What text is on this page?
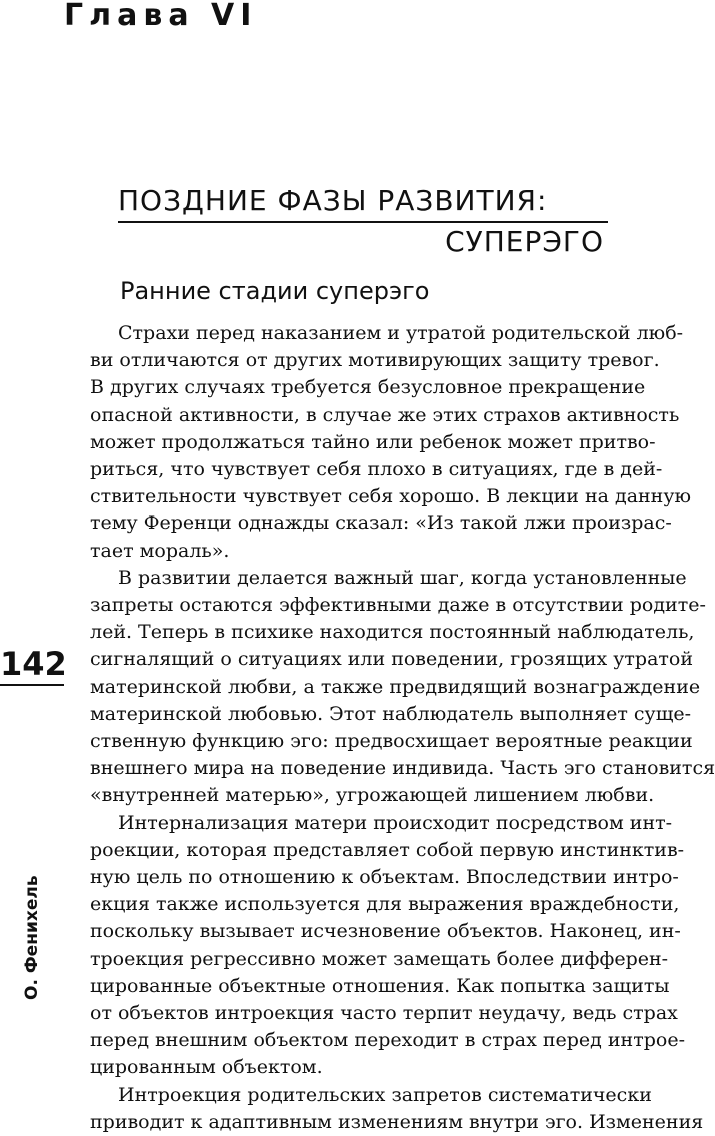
Глава VI
ПОЗДНИЕ ФАЗЫ РАЗВИТИЯ:
СУПЕРЭГО
Ранние стадии суперэго
Страхи перед наказанием и утратой родительской люб-
ви отличаются от других мотивирующих защиту тревог.
В других случаях требуется безусловное прекращение
опасной активности, в случае же этих страхов активность
может продолжаться тайно или ребенок может притво-
риться, что чувствует себя плохо в ситуациях, где в дей-
ствительности чувствует себя хорошо. В лекции на данную
тему Ференци однажды сказал: «Из такой лжи произрас-
тает мораль».
В развитии делается важный шаг, когда установленные
запреты остаются эффективными даже в отсутствии родите-
лей. Теперь в психике находится постоянный наблюдатель,
сигналящий о ситуациях или поведении, грозящих утратой
материнской любви, а также предвидящий вознаграждение
материнской любовью. Этот наблюдатель выполняет суще-
ственную функцию эго: предвосхищает вероятные реакции
внешнего мира на поведение индивида. Часть эго становится
«внутренней матерью», угрожающей лишением любви.
Интернализация матери происходит посредством инт-
роекции, которая представляет собой первую инстинктив-
ную цель по отношению к объектам. Впоследствии интро-
екция также используется для выражения враждебности,
поскольку вызывает исчезновение объектов. Наконец, ин-
троекция регрессивно может замещать более дифферен-
цированные объектные отношения. Как попытка защиты
от объектов интроекция часто терпит неудачу, ведь страх
перед внешним объектом переходит в страх перед интрое-
цированным объектом.
Интроекция родительских запретов систематически
приводит к адаптивным изменениям внутри эго. Изменения
142
О. Фенихель
